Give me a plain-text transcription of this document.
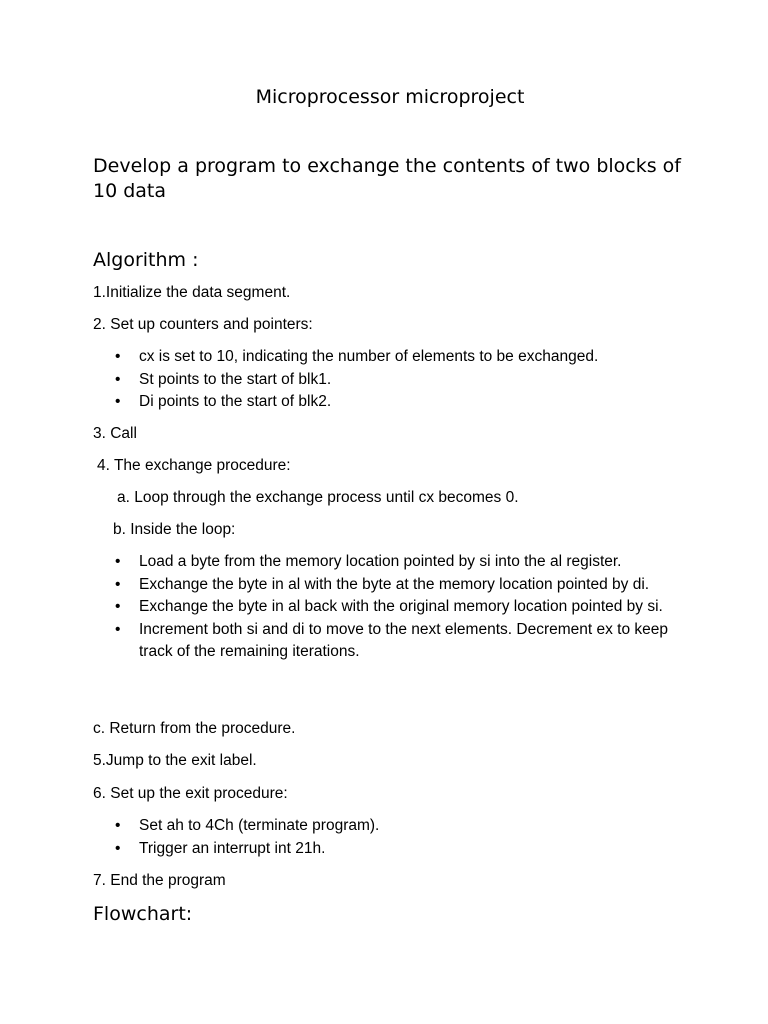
Microprocessor microproject
Develop a program to exchange the contents of two blocks of 10 data
Algorithm :

1.Initialize the data segment.

2. Set up counters and pointers:

• cx is set to 10, indicating the number of elements to be exchanged.
• St points to the start of blk1.
• Di points to the start of blk2.

3. Call

4. The exchange procedure:

a. Loop through the exchange process until cx becomes 0.

b. Inside the loop:

• Load a byte from the memory location pointed by si into the al register.
• Exchange the byte in al with the byte at the memory location pointed by di.
• Exchange the byte in al back with the original memory location pointed by si.
• Increment both si and di to move to the next elements. Decrement ex to keep track of the remaining iterations.

c. Return from the procedure.

5.Jump to the exit label.

6. Set up the exit procedure:

• Set ah to 4Ch (terminate program).
• Trigger an interrupt int 21h.

7. End the program

Flowchart:
